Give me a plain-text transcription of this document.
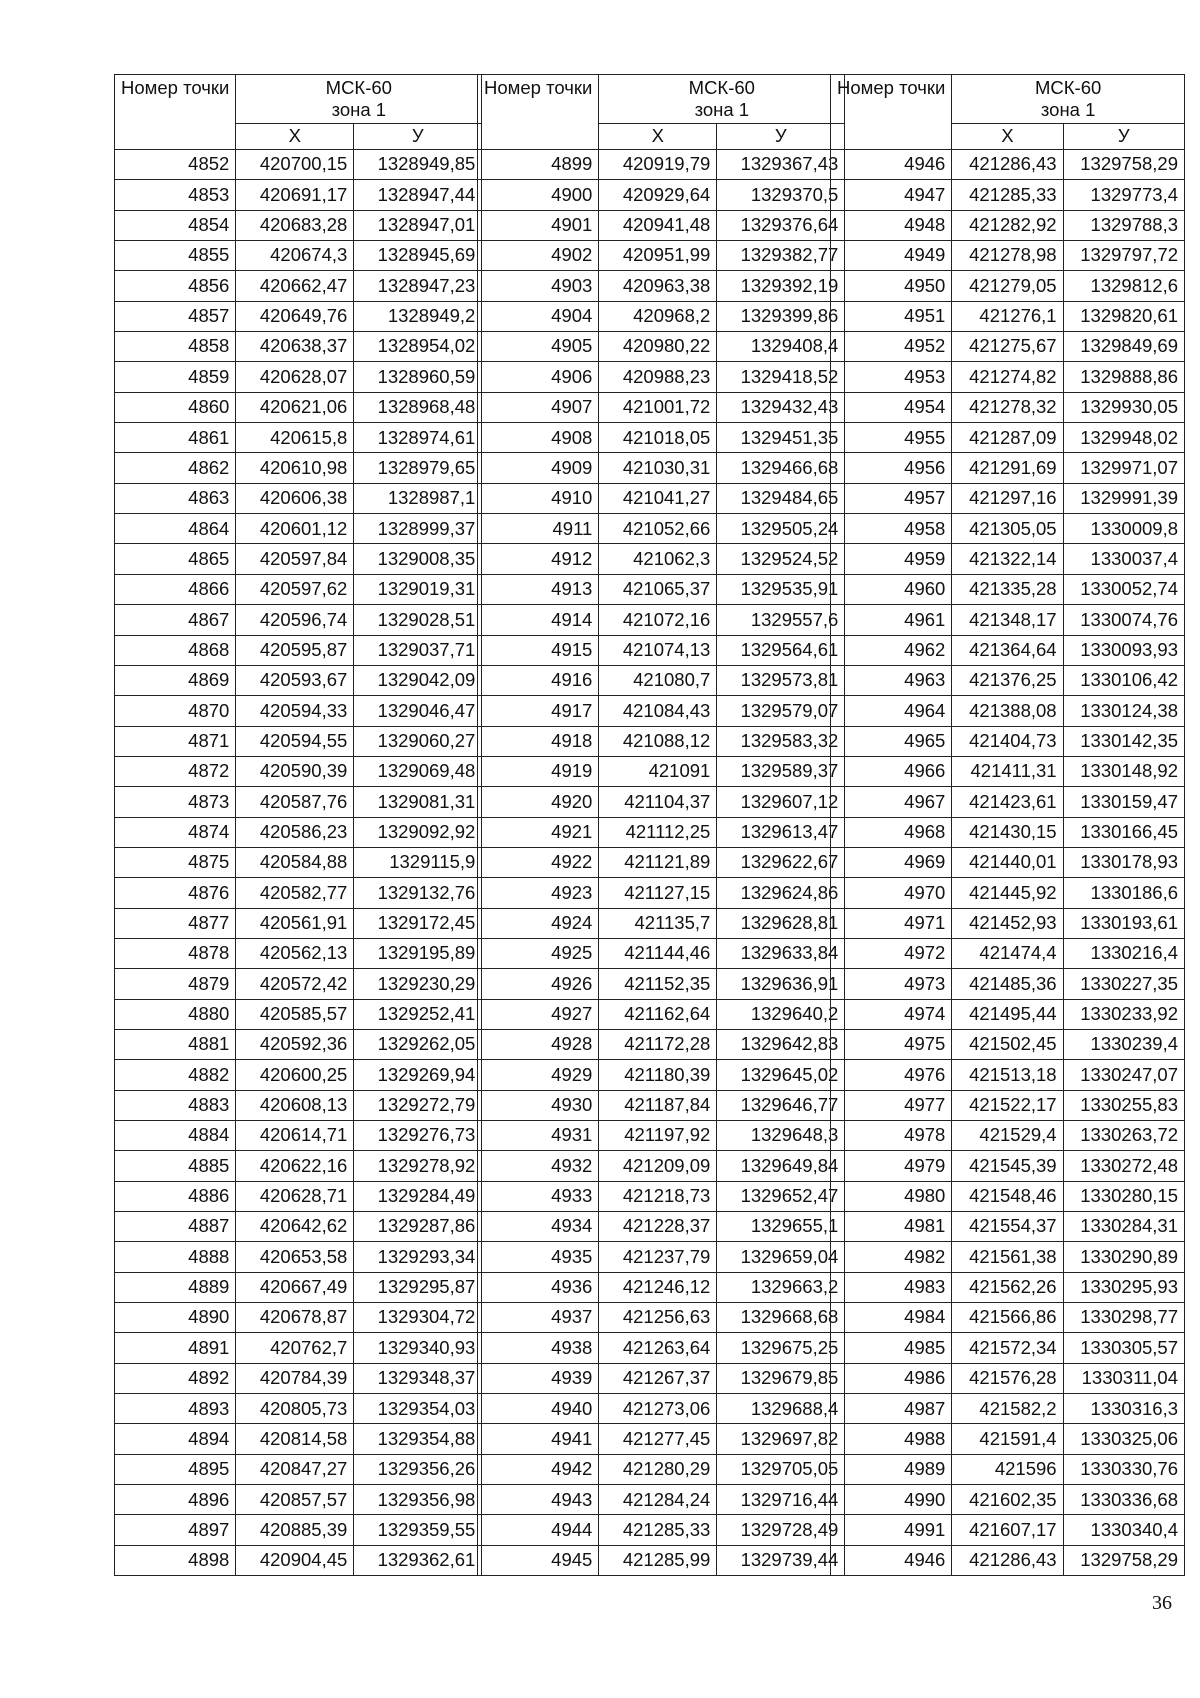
Номер точки	МСК-60
зона 1	
	X	У
4852	420700,15	1328949,85
4853	420691,17	1328947,44
4854	420683,28	1328947,01
4855	420674,3	1328945,69
4856	420662,47	1328947,23
4857	420649,76	1328949,2
4858	420638,37	1328954,02
4859	420628,07	1328960,59
4860	420621,06	1328968,48
4861	420615,8	1328974,61
4862	420610,98	1328979,65
4863	420606,38	1328987,1
4864	420601,12	1328999,37
4865	420597,84	1329008,35
4866	420597,62	1329019,31
4867	420596,74	1329028,51
4868	420595,87	1329037,71
4869	420593,67	1329042,09
4870	420594,33	1329046,47
4871	420594,55	1329060,27
4872	420590,39	1329069,48
4873	420587,76	1329081,31
4874	420586,23	1329092,92
4875	420584,88	1329115,9
4876	420582,77	1329132,76
4877	420561,91	1329172,45
4878	420562,13	1329195,89
4879	420572,42	1329230,29
4880	420585,57	1329252,41
4881	420592,36	1329262,05
4882	420600,25	1329269,94
4883	420608,13	1329272,79
4884	420614,71	1329276,73
4885	420622,16	1329278,92
4886	420628,71	1329284,49
4887	420642,62	1329287,86
4888	420653,58	1329293,34
4889	420667,49	1329295,87
4890	420678,87	1329304,72
4891	420762,7	1329340,93
4892	420784,39	1329348,37
4893	420805,73	1329354,03
4894	420814,58	1329354,88
4895	420847,27	1329356,26
4896	420857,57	1329356,98
4897	420885,39	1329359,55
4898	420904,45	1329362,61
Номер точки	МСК-60
зона 1	
	X	У
4899	420919,79	1329367,43
4900	420929,64	1329370,5
4901	420941,48	1329376,64
4902	420951,99	1329382,77
4903	420963,38	1329392,19
4904	420968,2	1329399,86
4905	420980,22	1329408,4
4906	420988,23	1329418,52
4907	421001,72	1329432,43
4908	421018,05	1329451,35
4909	421030,31	1329466,68
4910	421041,27	1329484,65
4911	421052,66	1329505,24
4912	421062,3	1329524,52
4913	421065,37	1329535,91
4914	421072,16	1329557,6
4915	421074,13	1329564,61
4916	421080,7	1329573,81
4917	421084,43	1329579,07
4918	421088,12	1329583,32
4919	421091	1329589,37
4920	421104,37	1329607,12
4921	421112,25	1329613,47
4922	421121,89	1329622,67
4923	421127,15	1329624,86
4924	421135,7	1329628,81
4925	421144,46	1329633,84
4926	421152,35	1329636,91
4927	421162,64	1329640,2
4928	421172,28	1329642,83
4929	421180,39	1329645,02
4930	421187,84	1329646,77
4931	421197,92	1329648,3
4932	421209,09	1329649,84
4933	421218,73	1329652,47
4934	421228,37	1329655,1
4935	421237,79	1329659,04
4936	421246,12	1329663,2
4937	421256,63	1329668,68
4938	421263,64	1329675,25
4939	421267,37	1329679,85
4940	421273,06	1329688,4
4941	421277,45	1329697,82
4942	421280,29	1329705,05
4943	421284,24	1329716,44
4944	421285,33	1329728,49
4945	421285,99	1329739,44
Номер точки	МСК-60
зона 1	
	X	У
4946	421286,43	1329758,29
4947	421285,33	1329773,4
4948	421282,92	1329788,3
4949	421278,98	1329797,72
4950	421279,05	1329812,6
4951	421276,1	1329820,61
4952	421275,67	1329849,69
4953	421274,82	1329888,86
4954	421278,32	1329930,05
4955	421287,09	1329948,02
4956	421291,69	1329971,07
4957	421297,16	1329991,39
4958	421305,05	1330009,8
4959	421322,14	1330037,4
4960	421335,28	1330052,74
4961	421348,17	1330074,76
4962	421364,64	1330093,93
4963	421376,25	1330106,42
4964	421388,08	1330124,38
4965	421404,73	1330142,35
4966	421411,31	1330148,92
4967	421423,61	1330159,47
4968	421430,15	1330166,45
4969	421440,01	1330178,93
4970	421445,92	1330186,6
4971	421452,93	1330193,61
4972	421474,4	1330216,4
4973	421485,36	1330227,35
4974	421495,44	1330233,92
4975	421502,45	1330239,4
4976	421513,18	1330247,07
4977	421522,17	1330255,83
4978	421529,4	1330263,72
4979	421545,39	1330272,48
4980	421548,46	1330280,15
4981	421554,37	1330284,31
4982	421561,38	1330290,89
4983	421562,26	1330295,93
4984	421566,86	1330298,77
4985	421572,34	1330305,57
4986	421576,28	1330311,04
4987	421582,2	1330316,3
4988	421591,4	1330325,06
4989	421596	1330330,76
4990	421602,35	1330336,68
4991	421607,17	1330340,4
4946	421286,43	1329758,29
36
